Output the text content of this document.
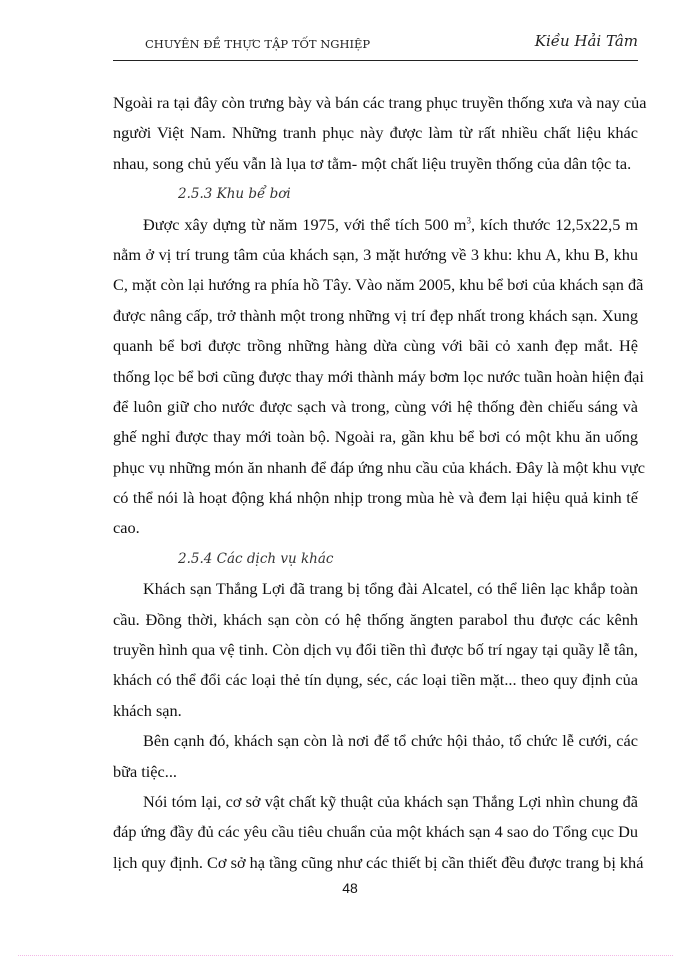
CHUYÊN ĐỀ THỰC TẬP TỐT NGHIỆP	Kiều Hải Tâm
Ngoài ra tại đây còn trưng bày và bán các trang phục truyền thống xưa và nay của
người Việt Nam. Những tranh phục này được làm từ rất nhiều chất liệu khác
nhau, song chủ yếu vẫn là lụa tơ tằm- một chất liệu truyền thống của dân tộc ta.
2.5.3 Khu bể bơi
Được xây dựng từ năm 1975, với thể tích 500 $m^3$, kích thước 12,5x22,5 m
nằm ở vị trí trung tâm của khách sạn, 3 mặt hướng về 3 khu: khu A, khu B, khu
C, mặt còn lại hướng ra phía hồ Tây. Vào năm 2005, khu bể bơi của khách sạn đã
được nâng cấp, trở thành một trong những vị trí đẹp nhất trong khách sạn. Xung
quanh bể bơi được trồng những hàng dừa cùng với bãi cỏ xanh đẹp mắt. Hệ
thống lọc bể bơi cũng được thay mới thành máy bơm lọc nước tuần hoàn hiện đại
để luôn giữ cho nước được sạch và trong, cùng với hệ thống đèn chiếu sáng và
ghế nghỉ được thay mới toàn bộ. Ngoài ra, gần khu bể bơi có một khu ăn uống
phục vụ những món ăn nhanh để đáp ứng nhu cầu của khách. Đây là một khu vực
có thể nói là hoạt động khá nhộn nhịp trong mùa hè và đem lại hiệu quả kinh tế
cao.
2.5.4 Các dịch vụ khác
Khách sạn Thắng Lợi đã trang bị tổng đài Alcatel, có thể liên lạc khắp toàn
cầu. Đồng thời, khách sạn còn có hệ thống ăngten parabol thu được các kênh
truyền hình qua vệ tinh. Còn dịch vụ đổi tiền thì được bố trí ngay tại quầy lễ tân,
khách có thể đổi các loại thẻ tín dụng, séc, các loại tiền mặt... theo quy định của
khách sạn.
Bên cạnh đó, khách sạn còn là nơi để tổ chức hội thảo, tổ chức lễ cưới, các
bữa tiệc...
Nói tóm lại, cơ sở vật chất kỹ thuật của khách sạn Thắng Lợi nhìn chung đã
đáp ứng đầy đủ các yêu cầu tiêu chuẩn của một khách sạn 4 sao do Tổng cục Du
lịch quy định. Cơ sở hạ tầng cũng như các thiết bị cần thiết đều được trang bị khá
48
